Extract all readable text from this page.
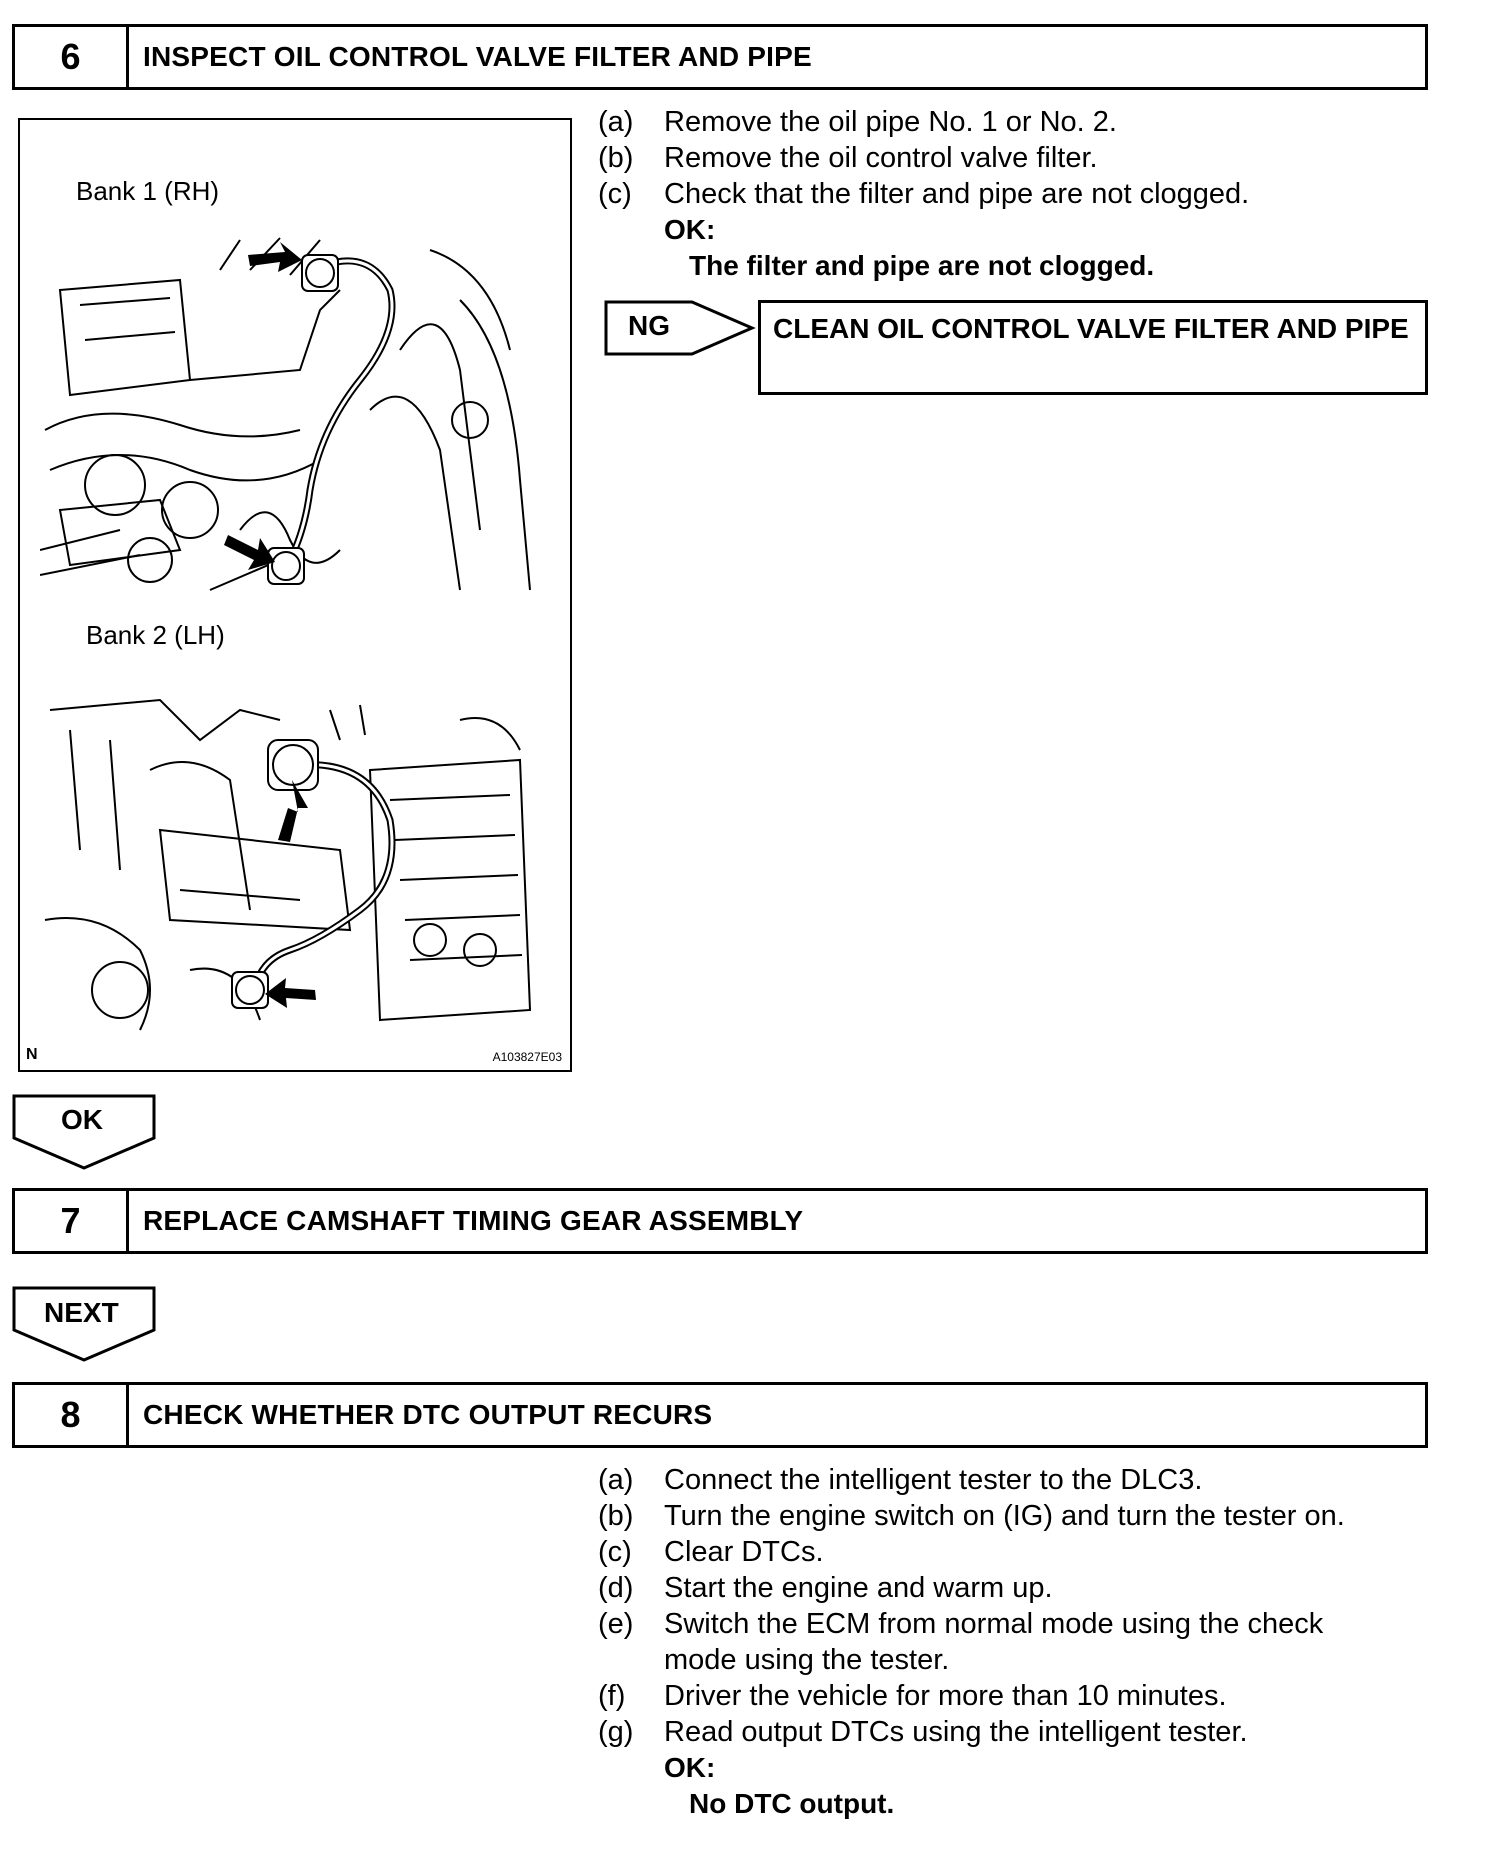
6	INSPECT OIL CONTROL VALVE FILTER AND PIPE
Bank 1 (RH)
Bank 2 (LH)
N	A103827E03
(a) Remove the oil pipe No. 1 or No. 2.
(b) Remove the oil control valve filter.
(c) Check that the filter and pipe are not clogged.
OK:
The filter and pipe are not clogged.
NG	CLEAN OIL CONTROL VALVE FILTER AND PIPE
OK
7	REPLACE CAMSHAFT TIMING GEAR ASSEMBLY
NEXT
8	CHECK WHETHER DTC OUTPUT RECURS
(a) Connect the intelligent tester to the DLC3.
(b) Turn the engine switch on (IG) and turn the tester on.
(c) Clear DTCs.
(d) Start the engine and warm up.
(e) Switch the ECM from normal mode using the check mode using the tester.
(f) Driver the vehicle for more than 10 minutes.
(g) Read output DTCs using the intelligent tester.
OK:
No DTC output.
